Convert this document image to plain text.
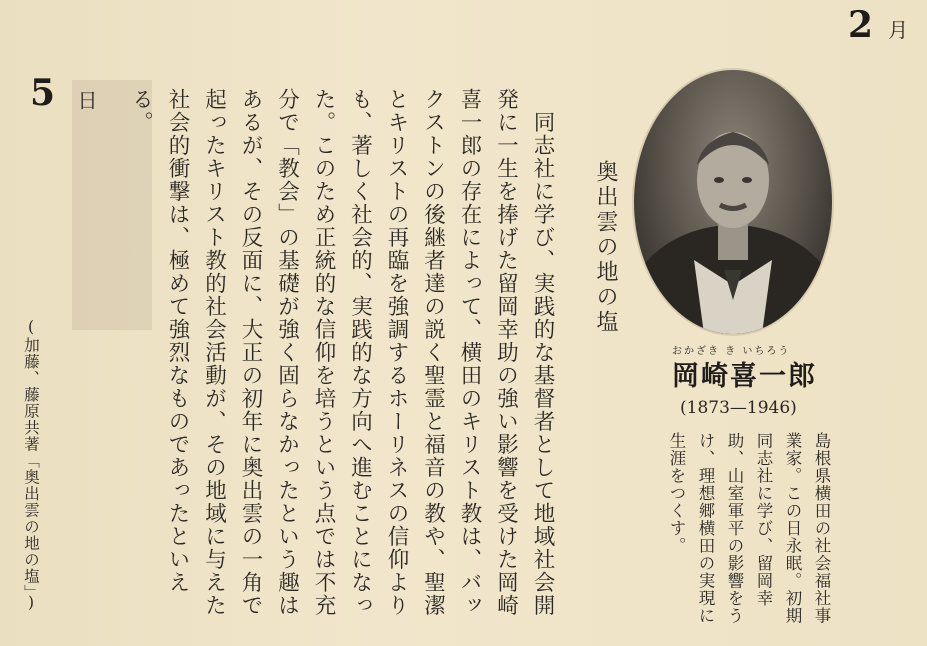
2 月
5 日
おかざき き いちろう
岡崎喜一郎
(1873—1946)
島根県横田の社会福社事業家。この日永眠。初期同志社に学び、留岡幸助、山室軍平の影響をうけ、理想郷横田の実現に生涯をつくす。
奥出雲の地の塩
　同志社に学び、実践的な基督者として地域社会開発に一生を捧げた留岡幸助の強い影響を受けた岡崎喜一郎の存在によって、横田のキリスト教は、バックストンの後継者達の説く聖霊と福音の教や、聖潔とキリストの再臨を強調するホーリネスの信仰よりも、著しく社会的、実践的な方向へ進むことになった。このため正統的な信仰を培うという点では不充分で「教会」の基礎が強く固らなかったという趣はあるが、その反面に、大正の初年に奥出雲の一角で起ったキリスト教的社会活動が、その地域に与えた社会的衝撃は、極めて強烈なものであったといえる。
(加藤、藤原共著「奥出雲の地の塩」)
